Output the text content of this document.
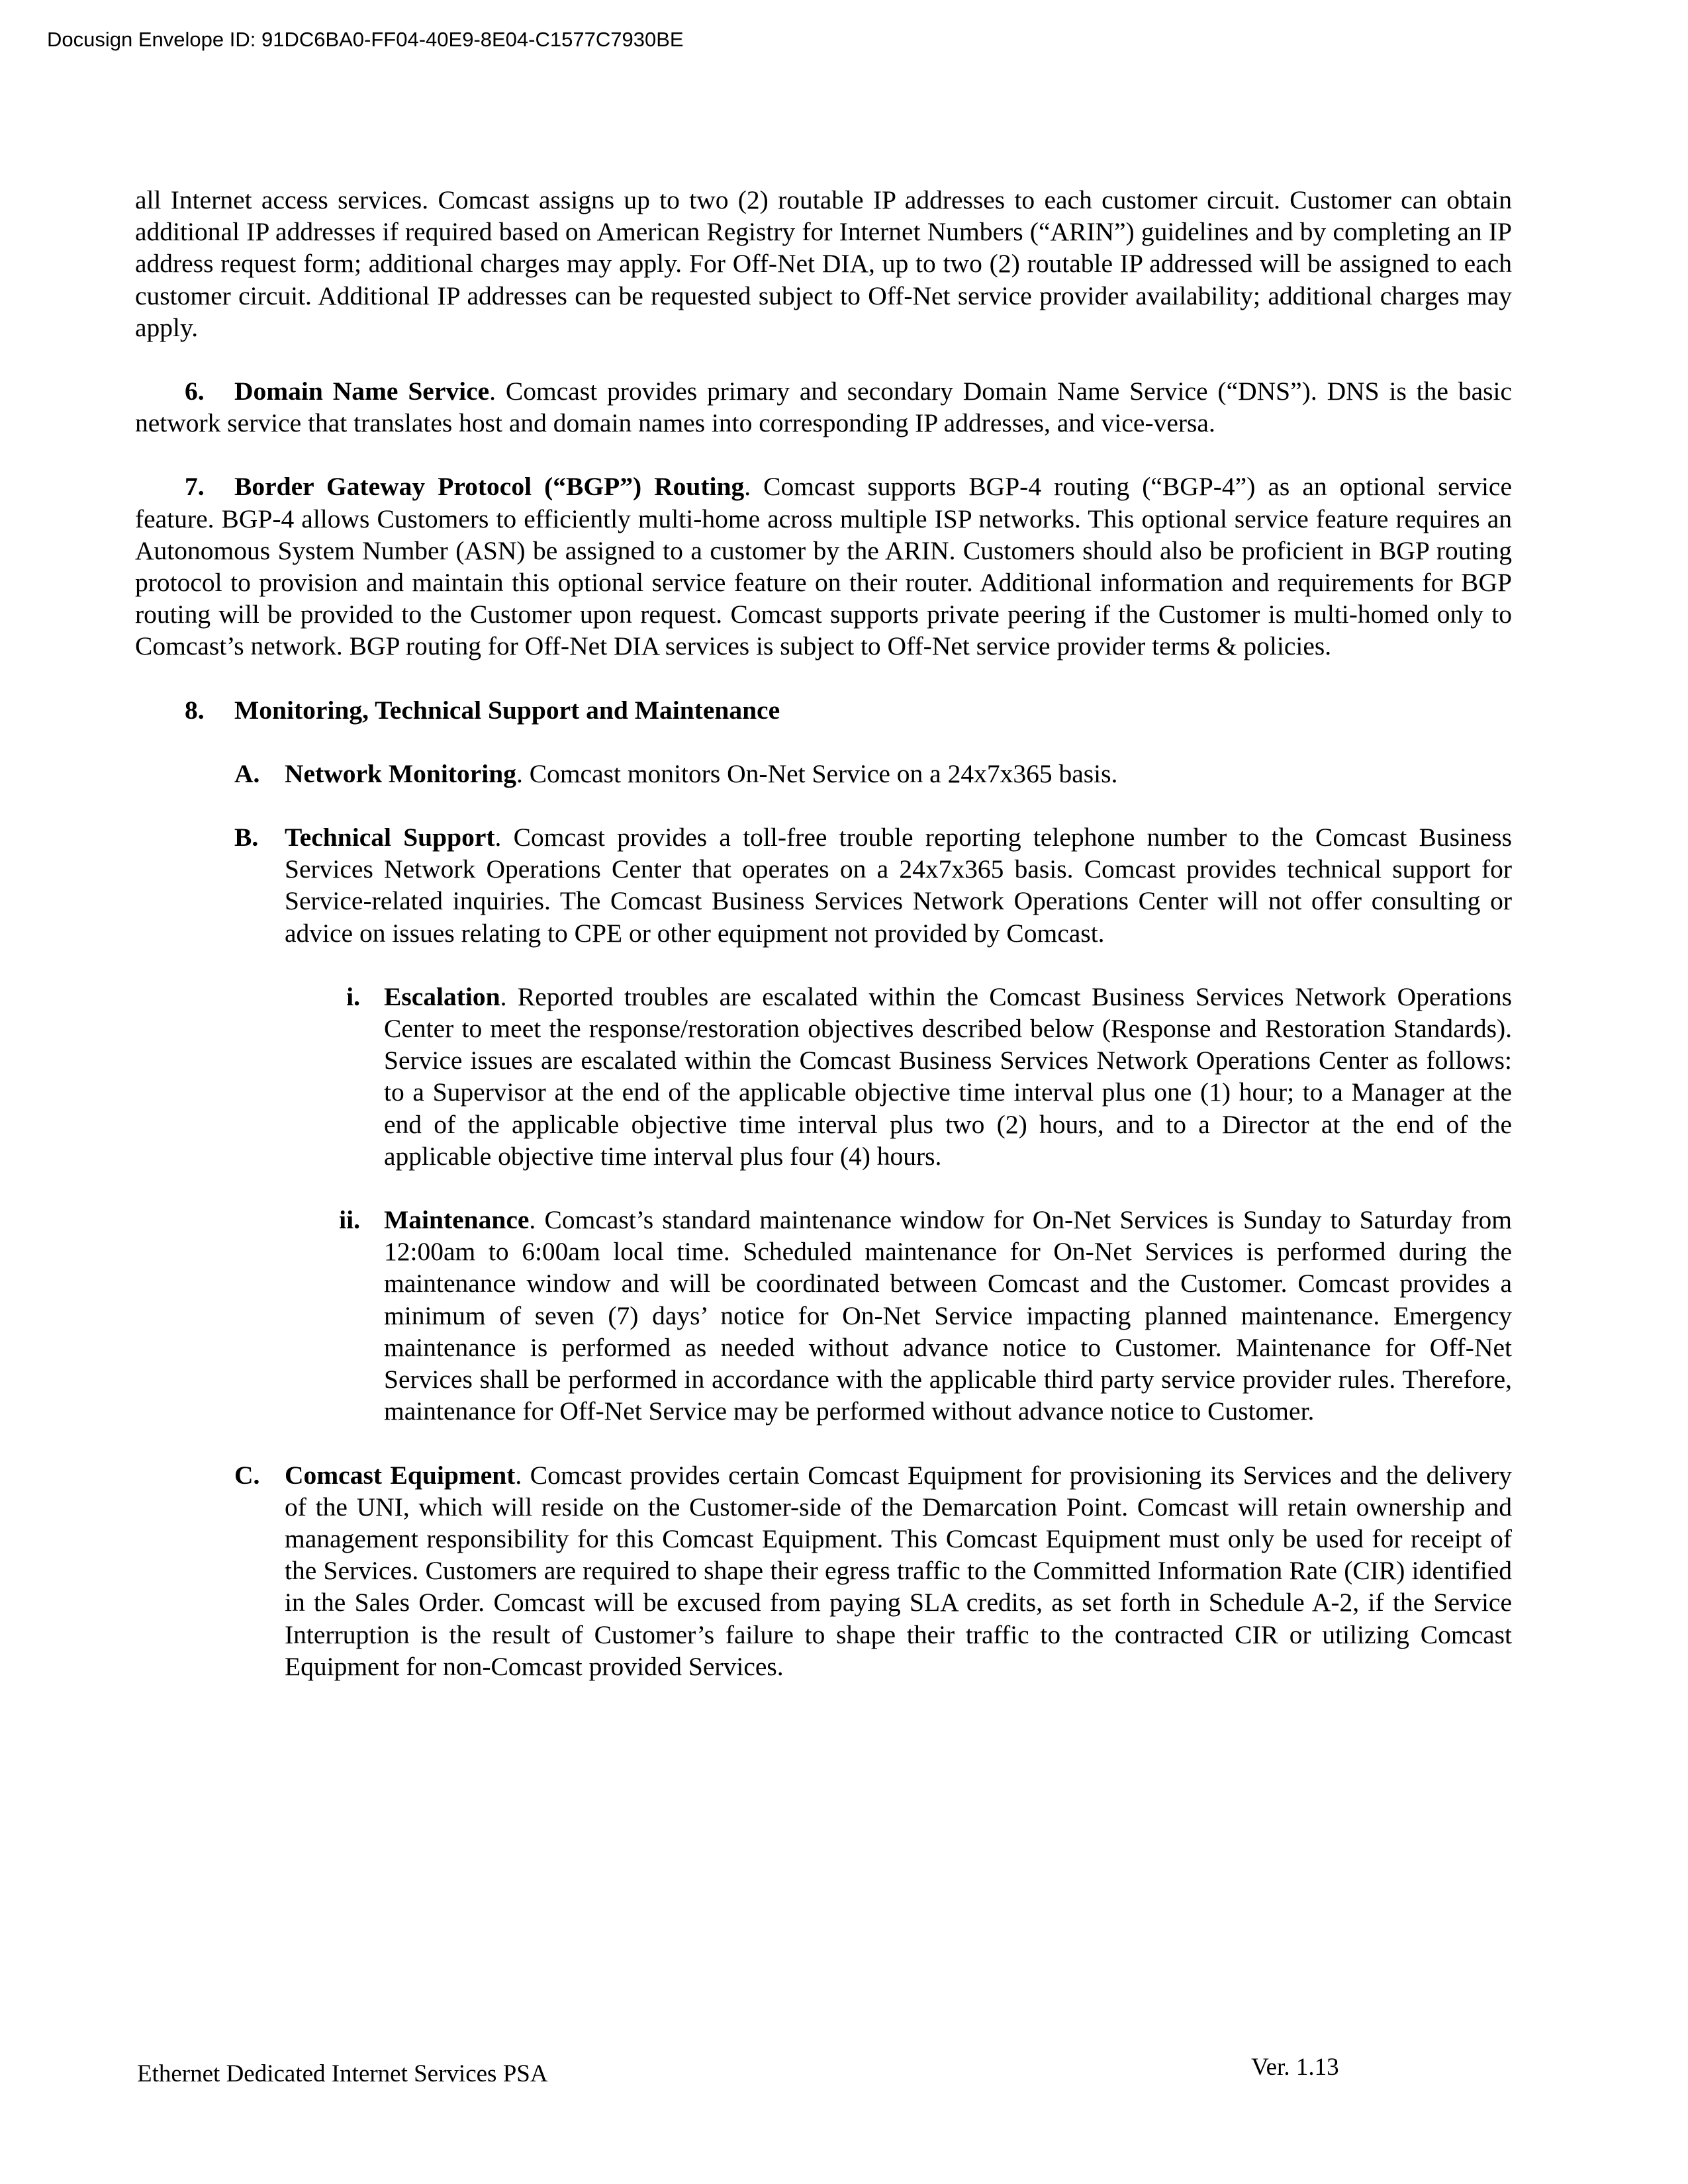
Docusign Envelope ID: 91DC6BA0-FF04-40E9-8E04-C1577C7930BE

all Internet access services. Comcast assigns up to two (2) routable IP addresses to each customer circuit. Customer can obtain additional IP addresses if required based on American Registry for Internet Numbers (“ARIN”) guidelines and by completing an IP address request form; additional charges may apply. For Off-Net DIA, up to two (2) routable IP addressed will be assigned to each customer circuit. Additional IP addresses can be requested subject to Off-Net service provider availability; additional charges may apply.

6. Domain Name Service. Comcast provides primary and secondary Domain Name Service (“DNS”). DNS is the basic network service that translates host and domain names into corresponding IP addresses, and vice-versa.

7. Border Gateway Protocol (“BGP”) Routing. Comcast supports BGP-4 routing (“BGP-4”) as an optional service feature. BGP-4 allows Customers to efficiently multi-home across multiple ISP networks. This optional service feature requires an Autonomous System Number (ASN) be assigned to a customer by the ARIN. Customers should also be proficient in BGP routing protocol to provision and maintain this optional service feature on their router. Additional information and requirements for BGP routing will be provided to the Customer upon request. Comcast supports private peering if the Customer is multi-homed only to Comcast’s network. BGP routing for Off-Net DIA services is subject to Off-Net service provider terms & policies.

8. Monitoring, Technical Support and Maintenance

A. Network Monitoring. Comcast monitors On-Net Service on a 24x7x365 basis.

B. Technical Support. Comcast provides a toll-free trouble reporting telephone number to the Comcast Business Services Network Operations Center that operates on a 24x7x365 basis. Comcast provides technical support for Service-related inquiries. The Comcast Business Services Network Operations Center will not offer consulting or advice on issues relating to CPE or other equipment not provided by Comcast.

i. Escalation. Reported troubles are escalated within the Comcast Business Services Network Operations Center to meet the response/restoration objectives described below (Response and Restoration Standards). Service issues are escalated within the Comcast Business Services Network Operations Center as follows: to a Supervisor at the end of the applicable objective time interval plus one (1) hour; to a Manager at the end of the applicable objective time interval plus two (2) hours, and to a Director at the end of the applicable objective time interval plus four (4) hours.

ii. Maintenance. Comcast’s standard maintenance window for On-Net Services is Sunday to Saturday from 12:00am to 6:00am local time. Scheduled maintenance for On-Net Services is performed during the maintenance window and will be coordinated between Comcast and the Customer. Comcast provides a minimum of seven (7) days’ notice for On-Net Service impacting planned maintenance. Emergency maintenance is performed as needed without advance notice to Customer. Maintenance for Off-Net Services shall be performed in accordance with the applicable third party service provider rules. Therefore, maintenance for Off-Net Service may be performed without advance notice to Customer.

C. Comcast Equipment. Comcast provides certain Comcast Equipment for provisioning its Services and the delivery of the UNI, which will reside on the Customer-side of the Demarcation Point. Comcast will retain ownership and management responsibility for this Comcast Equipment. This Comcast Equipment must only be used for receipt of the Services. Customers are required to shape their egress traffic to the Committed Information Rate (CIR) identified in the Sales Order. Comcast will be excused from paying SLA credits, as set forth in Schedule A-2, if the Service Interruption is the result of Customer’s failure to shape their traffic to the contracted CIR or utilizing Comcast Equipment for non-Comcast provided Services.

Ethernet Dedicated Internet Services PSA	Ver. 1.13
